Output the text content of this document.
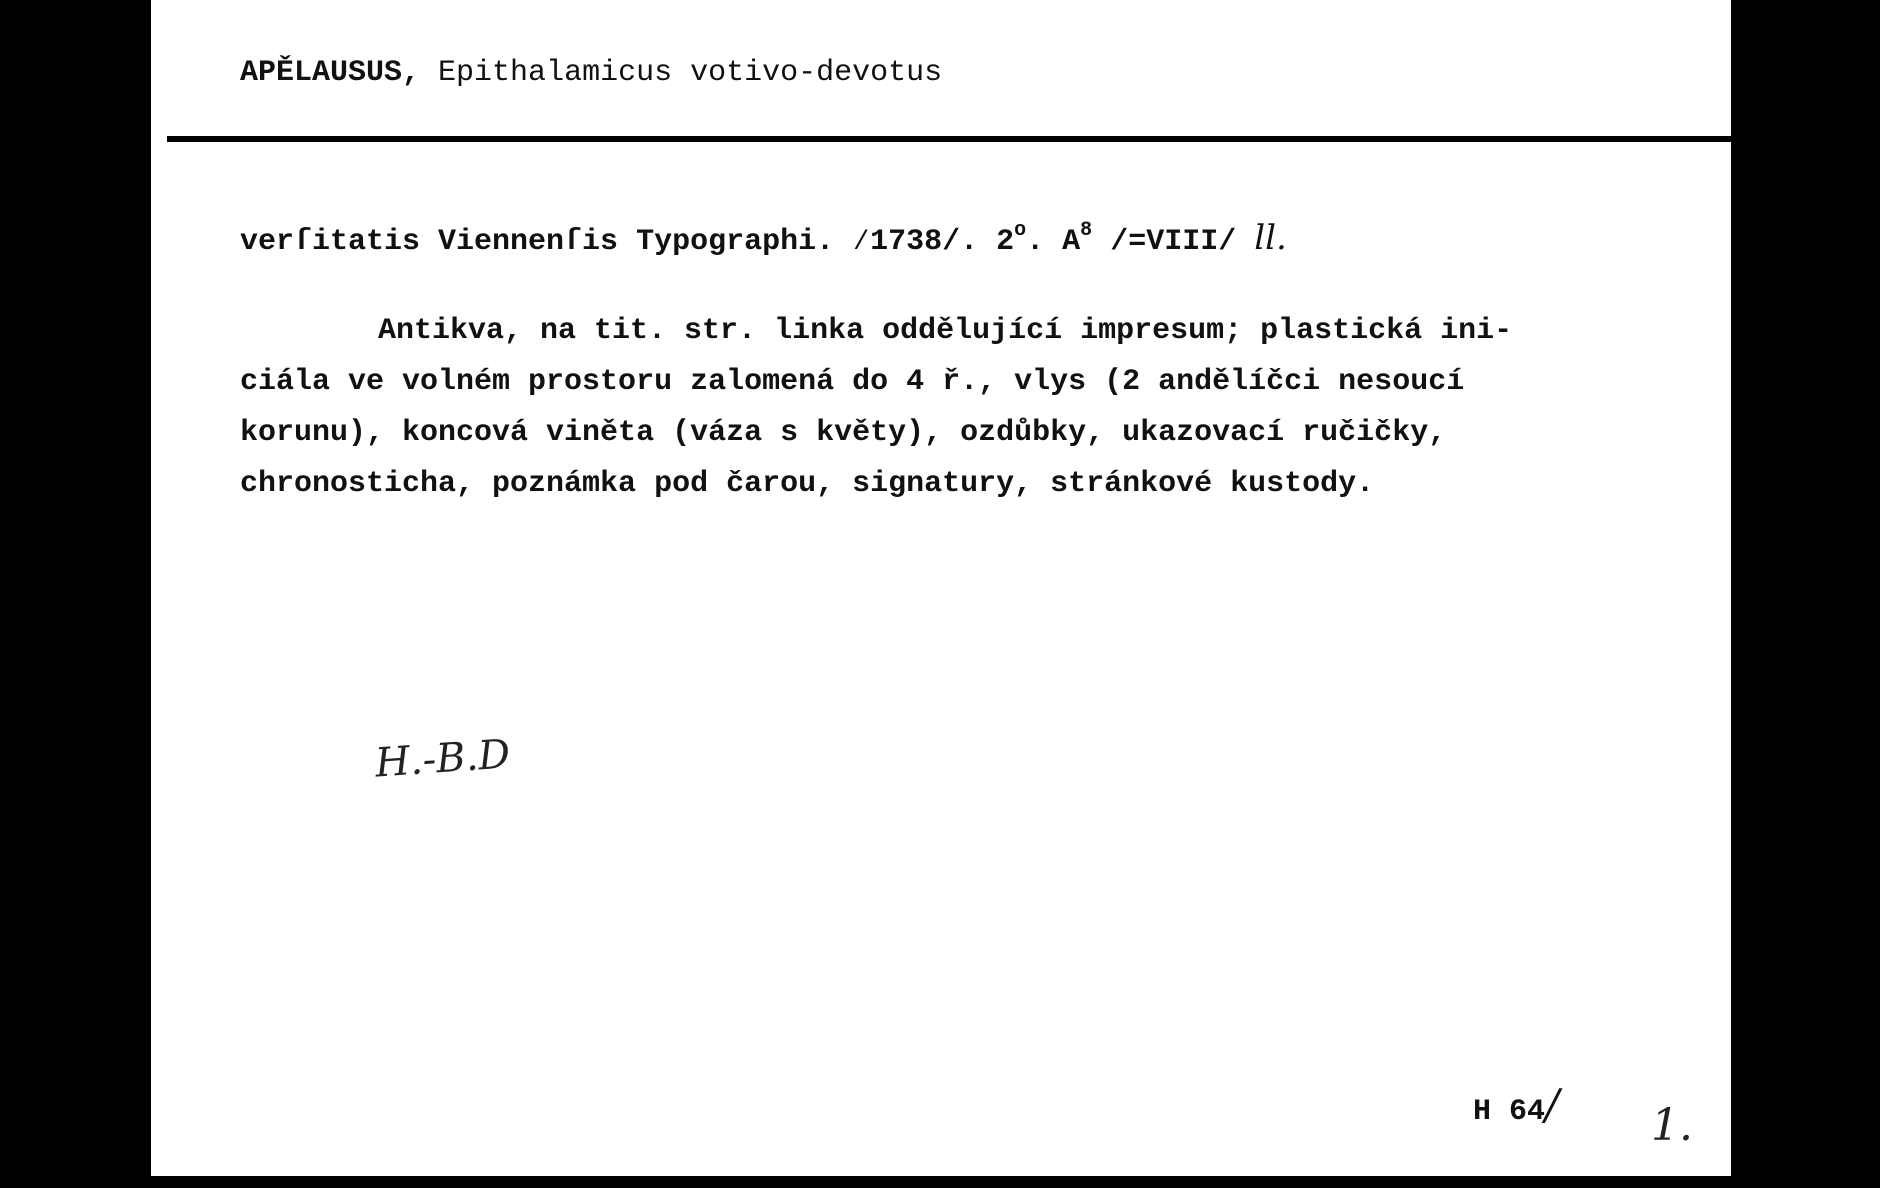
APĚLAUSUS, Epithalamicus votivo-devotus
verſitatis Viennenſis Typographi. ⁄1738/. 2$^o$. $A^8$ /=VIII/ ll.
Antikva, na tit. str. linka oddělující impresum; plastická ini-
ciála ve volném prostoru zalomená do 4 ř., vlys (2 andělíčci nesoucí
korunu), koncová viněta (váza s květy), ozdůbky, ukazovací ručičky,
chronosticha, poznámka pod čarou, signatury, stránkové kustody.
H.-B.D
H 64/ 1.
